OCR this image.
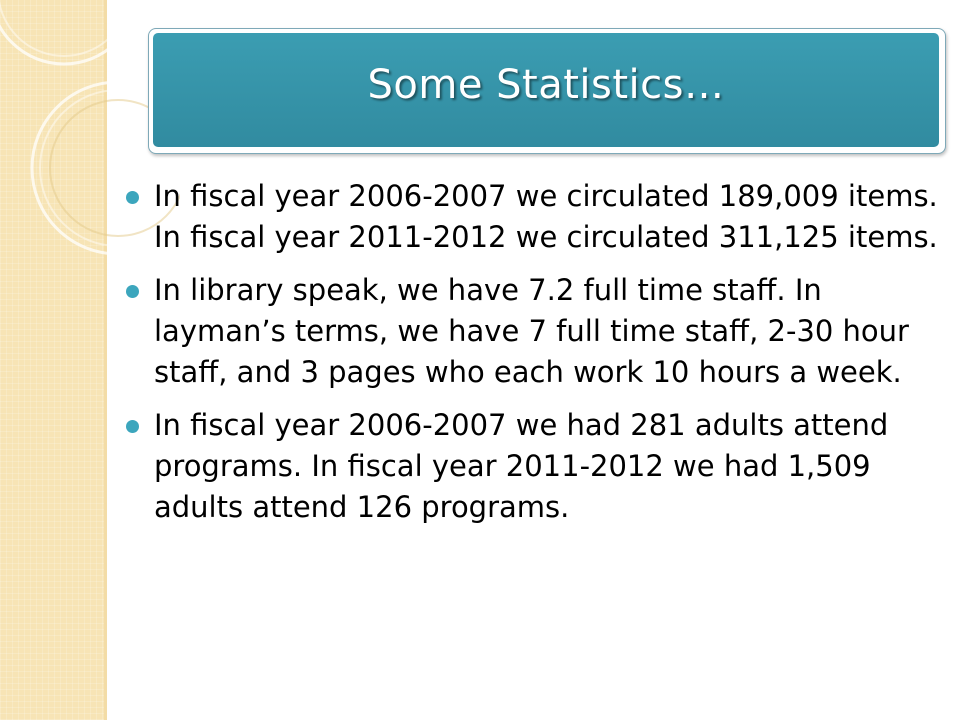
Some Statistics…
In fiscal year 2006-2007 we circulated 189,009 items. In fiscal year 2011-2012 we circulated 311,125 items.
In library speak, we have 7.2 full time staff. In layman’s terms, we have 7 full time staff, 2-30 hour staff, and 3 pages who each work 10 hours a week.
In fiscal year 2006-2007 we had 281 adults attend programs. In fiscal year 2011-2012 we had 1,509 adults attend 126 programs.
